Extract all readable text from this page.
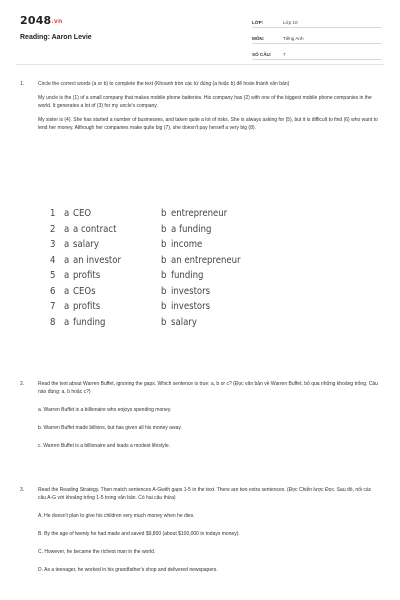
2048.vn
Reading: Aaron Levie
LỚP:	Lớp 10
MÔN:	Tiếng Anh
SỐ CÂU:	7
1.	Circle the correct words (a or b) to complete the text (Khoanh tròn các từ đúng (a hoặc b) để hoàn thành văn bản)
My uncle is the (1) of a small company that makes mobile phone batteries. His company has (2) with one of the biggest mobile phone companies in the world. It generates a lot of (3) for my uncle's company.
My sister is (4). She has started a number of businesses, and taken quite a lot of risks. She is always asking for (5), but it is difficult to find (6) who want to lend her money. Although her companies make quite big (7), she doesn't pay herself a very big (8).
1 a CEO	b entrepreneur
2 a a contract	b a funding
3 a salary	b income
4 a an investor	b an entrepreneur
5 a profits	b funding
6 a CEOs	b investors
7 a profits	b investors
8 a funding	b salary
2.	Read the text about Warren Buffet, ignoring the gaps. Which sentence is true: a, b or c? (Đọc văn bản về Warren Buffet, bỏ qua những khoảng trống. Câu nào đúng: a, b hoặc c?)
a. Warren Buffet is a billionaire who enjoys spending money.
b. Warren Buffet made billions, but has given all his money away.
c. Warren Buffet is a billionaire and leads a modest lifestyle.
3.	Read the Reading Strategy. Then match sentences A-Gwith gaps 1-5 in the text. There are two extra sentences. (Đọc Chiến lược Đọc. Sau đó, nối các câu A-G với khoảng trống 1-5 trong văn bản. Có hai câu thừa)
A. He doesn't plan to give his children very much money when he dies.
B. By the age of twenty he had made and saved $9,800 (about $100,000 in todays money).
C. However, he became the richest man in the world.
D. As a teenager, he worked in his grandfather's shop and delivered newspapers.
